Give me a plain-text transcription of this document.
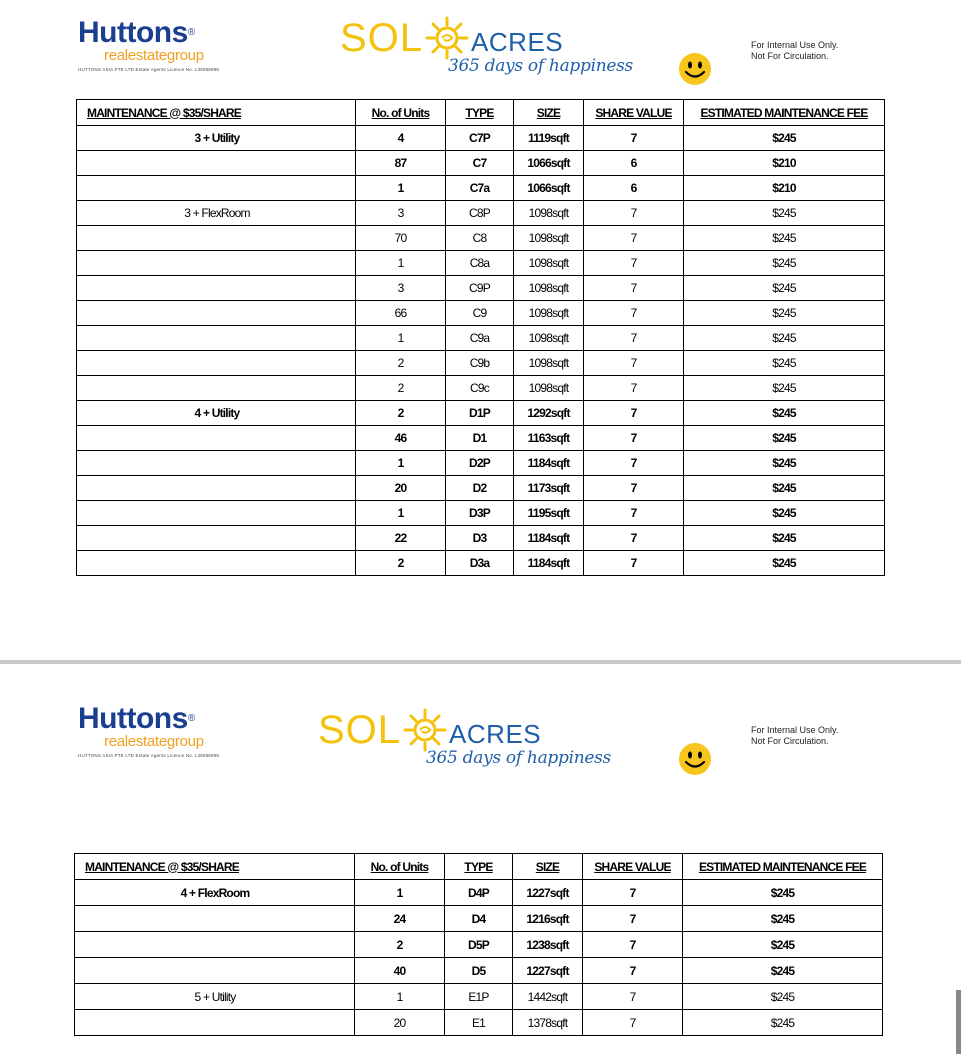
Huttons®
realestategroup
HUTTONS ASIA PTE LTD Estate Agents Licence No. L3008899K
SOL ACRES
365 days of happiness
For Internal Use Only.
Not For Circulation.
MAINTENANCE @ $35/SHARE	No. of Units	TYPE	SIZE	SHARE VALUE	ESTIMATED MAINTENANCE FEE
3 + Utility	4	C7P	1119sqft	7	$245
	87	C7	1066sqft	6	$210
	1	C7a	1066sqft	6	$210
3 + FlexRoom	3	C8P	1098sqft	7	$245
	70	C8	1098sqft	7	$245
	1	C8a	1098sqft	7	$245
	3	C9P	1098sqft	7	$245
	66	C9	1098sqft	7	$245
	1	C9a	1098sqft	7	$245
	2	C9b	1098sqft	7	$245
	2	C9c	1098sqft	7	$245
4 + Utility	2	D1P	1292sqft	7	$245
	46	D1	1163sqft	7	$245
	1	D2P	1184sqft	7	$245
	20	D2	1173sqft	7	$245
	1	D3P	1195sqft	7	$245
	22	D3	1184sqft	7	$245
	2	D3a	1184sqft	7	$245
Huttons®
realestategroup
HUTTONS ASIA PTE LTD Estate Agents Licence No. L3008899K
SOL ACRES
365 days of happiness
For Internal Use Only.
Not For Circulation.
MAINTENANCE @ $35/SHARE	No. of Units	TYPE	SIZE	SHARE VALUE	ESTIMATED MAINTENANCE FEE
4 + FlexRoom	1	D4P	1227sqft	7	$245
	24	D4	1216sqft	7	$245
	2	D5P	1238sqft	7	$245
	40	D5	1227sqft	7	$245
5 + Utility	1	E1P	1442sqft	7	$245
	20	E1	1378sqft	7	$245
